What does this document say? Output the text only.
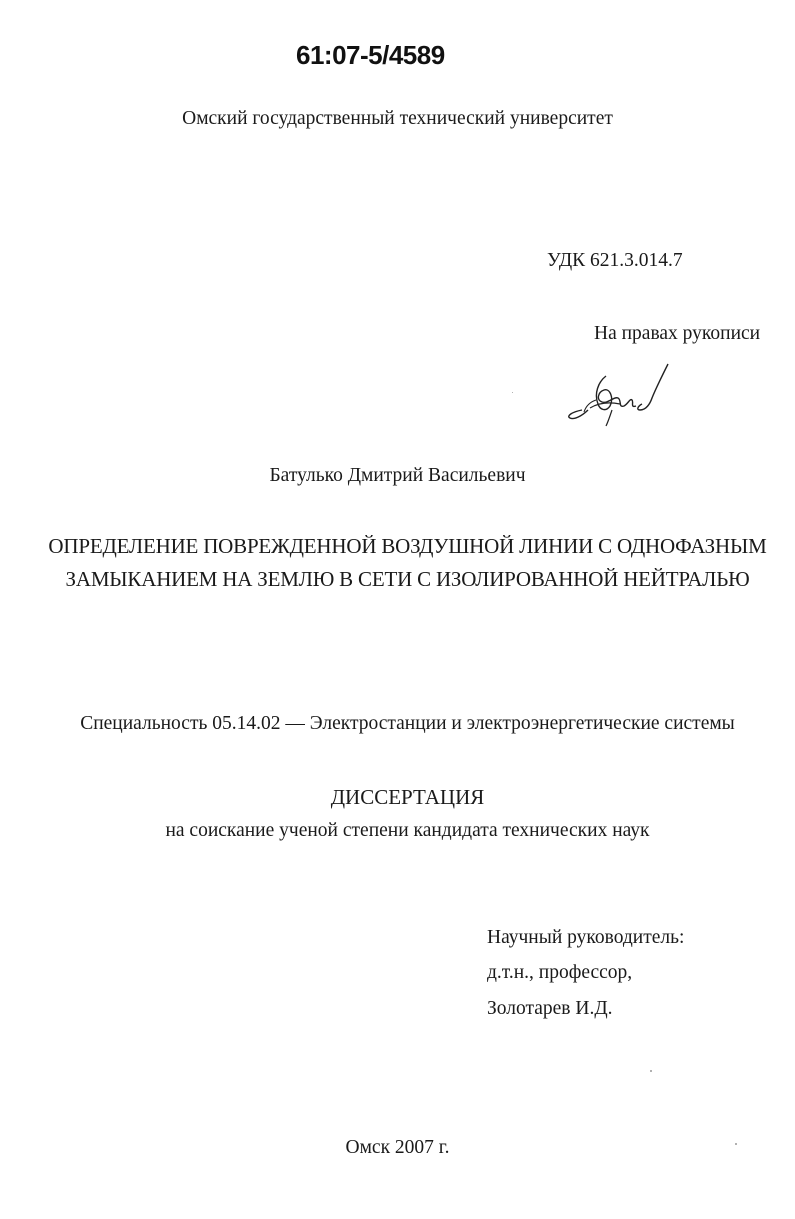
61:07-5/4589
Омский государственный технический университет
УДК 621.3.014.7
На правах рукописи
Батулько Дмитрий Васильевич
ОПРЕДЕЛЕНИЕ ПОВРЕЖДЕННОЙ ВОЗДУШНОЙ ЛИНИИ С ОДНОФАЗНЫМ
ЗАМЫКАНИЕМ НА ЗЕМЛЮ В СЕТИ С ИЗОЛИРОВАННОЙ НЕЙТРАЛЬЮ
Специальность 05.14.02 — Электростанции и электроэнергетические системы
ДИССЕРТАЦИЯ
на соискание ученой степени кандидата технических наук
Научный руководитель:
д.т.н., профессор,
Золотарев И.Д.
Омск 2007 г.
